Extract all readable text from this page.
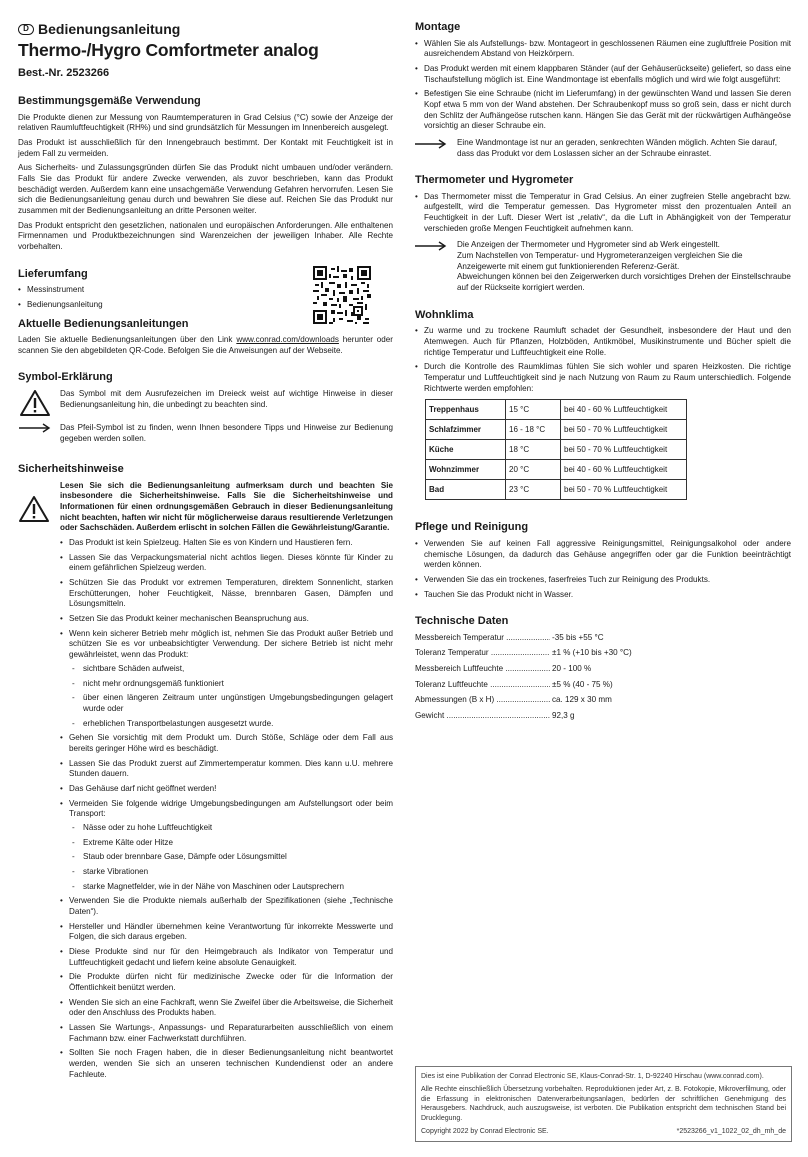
D Bedienungsanleitung
Thermo-/Hygro Comfortmeter analog
Best.-Nr. 2523266
Bestimmungsgemäße Verwendung

Die Produkte dienen zur Messung von Raumtemperaturen in Grad Celsius (°C) sowie der Anzeige der relativen Raumluftfeuchtigkeit (RH%) und sind grundsätzlich für Messungen im Innenbereich ausgelegt.

Das Produkt ist ausschließlich für den Innengebrauch bestimmt. Der Kontakt mit Feuchtigkeit ist in jedem Fall zu vermeiden.

Aus Sicherheits- und Zulassungsgründen dürfen Sie das Produkt nicht umbauen und/oder verändern. Falls Sie das Produkt für andere Zwecke verwenden, als zuvor beschrieben, kann das Produkt beschädigt werden. Außerdem kann eine unsachgemäße Verwendung Gefahren hervorrufen. Lesen Sie sich die Bedienungsanleitung genau durch und bewahren Sie diese auf. Reichen Sie das Produkt nur zusammen mit der Bedienungsanleitung an dritte Personen weiter.

Das Produkt entspricht den gesetzlichen, nationalen und europäischen Anforderungen. Alle enthaltenen Firmennamen und Produktbezeichnungen sind Warenzeichen der jeweiligen Inhaber. Alle Rechte vorbehalten.

Lieferumfang
• Messinstrument
• Bedienungsanleitung
Aktuelle Bedienungsanleitungen

Laden Sie aktuelle Bedienungsanleitungen über den Link www.conrad.com/downloads herunter oder scannen Sie den abgebildeten QR-Code. Befolgen Sie die Anweisungen auf der Webseite.

Symbol-Erklärung
Das Symbol mit dem Ausrufezeichen im Dreieck weist auf wichtige Hinweise in dieser Bedienungsanleitung hin, die unbedingt zu beachten sind.
Das Pfeil-Symbol ist zu finden, wenn Ihnen besondere Tipps und Hinweise zur Bedienung gegeben werden sollen.
Sicherheitshinweise
Lesen Sie sich die Bedienungsanleitung aufmerksam durch und beachten Sie insbesondere die Sicherheitshinweise. Falls Sie die Sicherheitshinweise und Informationen für einen ordnungsgemäßen Gebrauch in dieser Bedienungsanleitung nicht beachten, haften wir nicht für möglicherweise daraus resultierende Verletzungen oder Sachschäden. Außerdem erlischt in solchen Fällen die Gewährleistung/Garantie.
• Das Produkt ist kein Spielzeug. Halten Sie es von Kindern und Haustieren fern.
• Lassen Sie das Verpackungsmaterial nicht achtlos liegen. Dieses könnte für Kinder zu einem gefährlichen Spielzeug werden.
• Schützen Sie das Produkt vor extremen Temperaturen, direktem Sonnenlicht, starken Erschütterungen, hoher Feuchtigkeit, Nässe, brennbaren Gasen, Dämpfen und Lösungsmitteln.
• Setzen Sie das Produkt keiner mechanischen Beanspruchung aus.
• Wenn kein sicherer Betrieb mehr möglich ist, nehmen Sie das Produkt außer Betrieb und schützen Sie es vor unbeabsichtigter Verwendung. Der sichere Betrieb ist nicht mehr gewährleistet, wenn das Produkt:
- sichtbare Schäden aufweist,
- nicht mehr ordnungsgemäß funktioniert
- über einen längeren Zeitraum unter ungünstigen Umgebungsbedingungen gelagert wurde oder
- erheblichen Transportbelastungen ausgesetzt wurde.
• Gehen Sie vorsichtig mit dem Produkt um. Durch Stöße, Schläge oder dem Fall aus bereits geringer Höhe wird es beschädigt.
• Lassen Sie das Produkt zuerst auf Zimmertemperatur kommen. Dies kann u.U. mehrere Stunden dauern.
• Das Gehäuse darf nicht geöffnet werden!
• Vermeiden Sie folgende widrige Umgebungsbedingungen am Aufstellungsort oder beim Transport:
- Nässe oder zu hohe Luftfeuchtigkeit
- Extreme Kälte oder Hitze
- Staub oder brennbare Gase, Dämpfe oder Lösungsmittel
- starke Vibrationen
- starke Magnetfelder, wie in der Nähe von Maschinen oder Lautsprechern
• Verwenden Sie die Produkte niemals außerhalb der Spezifikationen (siehe „Technische Daten“).
• Hersteller und Händler übernehmen keine Verantwortung für inkorrekte Messwerte und Folgen, die sich daraus ergeben.
• Diese Produkte sind nur für den Heimgebrauch als Indikator von Temperatur und Luftfeuchtigkeit gedacht und liefern keine absolute Genauigkeit.
• Die Produkte dürfen nicht für medizinische Zwecke oder für die Information der Öffentlichkeit benützt werden.
• Wenden Sie sich an eine Fachkraft, wenn Sie Zweifel über die Arbeitsweise, die Sicherheit oder den Anschluss des Produkts haben.
• Lassen Sie Wartungs-, Anpassungs- und Reparaturarbeiten ausschließlich von einem Fachmann bzw. einer Fachwerkstatt durchführen.
• Sollten Sie noch Fragen haben, die in dieser Bedienungsanleitung nicht beantwortet werden, wenden Sie sich an unseren technischen Kundendienst oder an andere Fachleute.
Montage
• Wählen Sie als Aufstellungs- bzw. Montageort in geschlossenen Räumen eine zugluftfreie Position mit ausreichendem Abstand von Heizkörpern.
• Das Produkt werden mit einem klappbaren Ständer (auf der Gehäuserückseite) geliefert, so dass eine Tischaufstellung möglich ist. Eine Wandmontage ist ebenfalls möglich und wird wie folgt ausgeführt:
• Befestigen Sie eine Schraube (nicht im Lieferumfang) in der gewünschten Wand und lassen Sie deren Kopf etwa 5 mm von der Wand abstehen. Der Schraubenkopf muss so groß sein, dass er nicht durch den Schlitz der Aufhängeöse rutschen kann. Hängen Sie das Gerät mit der rückwärtigen Aufhängeöse vorsichtig an dieser Schraube ein.
Eine Wandmontage ist nur an geraden, senkrechten Wänden möglich. Achten Sie darauf, dass das Produkt vor dem Loslassen sicher an der Schraube einrastet.
Thermometer und Hygrometer
• Das Thermometer misst die Temperatur in Grad Celsius. An einer zugfreien Stelle angebracht bzw. aufgestellt, wird die Temperatur gemessen. Das Hygrometer misst den prozentualen Anteil an Feuchtigkeit in der Luft. Dieser Wert ist „relativ“, da die Luft in Abhängigkeit von der Temperatur verschieden große Mengen Feuchtigkeit aufnehmen kann.
Die Anzeigen der Thermometer und Hygrometer sind ab Werk eingestellt.
Zum Nachstellen von Temperatur- und Hygrometeranzeigen vergleichen Sie die Anzeigewerte mit einem gut funktionierenden Referenz-Gerät.
Abweichungen können bei den Zeigerwerken durch vorsichtiges Drehen der Einstellschraube auf der Rückseite korrigiert werden.
Wohnklima
• Zu warme und zu trockene Raumluft schadet der Gesundheit, insbesondere der Haut und den Atemwegen. Auch für Pflanzen, Holzböden, Antikmöbel, Musikinstrumente und Bücher spielt die richtige Temperatur und Luftfeuchtigkeit eine Rolle.
• Durch die Kontrolle des Raumklimas fühlen Sie sich wohler und sparen Heizkosten. Die richtige Temperatur und Luftfeuchtigkeit sind je nach Nutzung von Raum zu Raum unterschiedlich. Folgende Richtwerte werden empfohlen:
Treppenhaus	15 °C	bei 40 - 60 % Luftfeuchtigkeit
Schlafzimmer	16 - 18 °C	bei 50 - 70 % Luftfeuchtigkeit
Küche	18 °C	bei 50 - 70 % Luftfeuchtigkeit
Wohnzimmer	20 °C	bei 40 - 60 % Luftfeuchtigkeit
Bad	23 °C	bei 50 - 70 % Luftfeuchtigkeit
Pflege und Reinigung
• Verwenden Sie auf keinen Fall aggressive Reinigungsmittel, Reinigungsalkohol oder andere chemische Lösungen, da dadurch das Gehäuse angegriffen oder gar die Funktion beeinträchtigt werden können.
• Verwenden Sie das ein trockenes, faserfreies Tuch zur Reinigung des Produkts.
• Tauchen Sie das Produkt nicht in Wasser.
Technische Daten
Messbereich Temperatur .....	-35 bis +55 °C
Toleranz Temperatur .....	±1 % (+10 bis +30 °C)
Messbereich Luftfeuchte .....	20 - 100 %
Toleranz Luftfeuchte .....	±5 % (40 - 75 %)
Abmessungen (B x H) .....	ca. 129 x 30 mm
Gewicht .....	92,3 g

Dies ist eine Publikation der Conrad Electronic SE, Klaus-Conrad-Str. 1, D-92240 Hirschau (www.conrad.com).

Alle Rechte einschließlich Übersetzung vorbehalten. Reproduktionen jeder Art, z. B. Fotokopie, Mikroverfilmung, oder die Erfassung in elektronischen Datenverarbeitungsanlagen, bedürfen der schriftlichen Genehmigung des Herausgebers. Nachdruck, auch auszugsweise, ist verboten. Die Publikation entspricht dem technischen Stand bei Drucklegung.

Copyright 2022 by Conrad Electronic SE.	*2523266_v1_1022_02_dh_mh_de
